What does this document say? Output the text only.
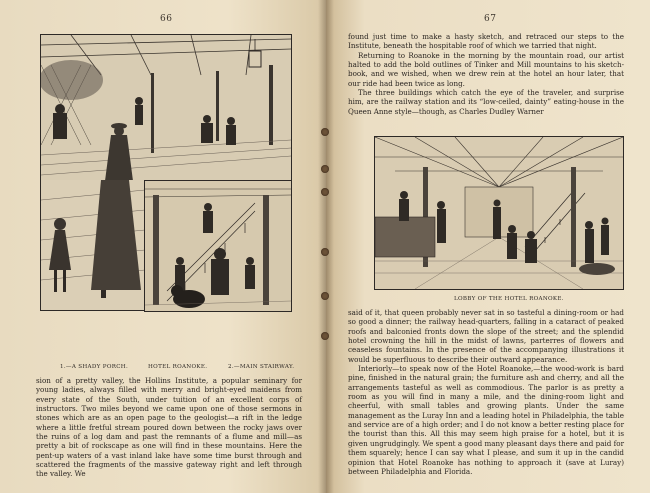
66
1.—A SHADY PORCH.	HOTEL ROANOKE.	2.—MAIN STAIRWAY.

sion of a pretty valley, the Hollins Institute, a popular seminary for young ladies, always filled with merry and bright-eyed maidens from every state of the South, under tuition of an excellent corps of instructors. Two miles beyond we came upon one of those sermons in stones which are as an open page to the geologist—a rift in the ledge where a little fretful stream poured down between the rocky jaws over the ruins of a log dam and past the remnants of a flume and mill—as pretty a bit of rockscape as one will find in these mountains. Here the pent-up waters of a vast inland lake have some time burst through and scattered the fragments of the massive gateway right and left through the valley. We

67

found just time to make a hasty sketch, and retraced our steps to the Institute, beneath the hospitable roof of which we tarried that night.

Returning to Roanoke in the morning by the mountain road, our artist halted to add the bold outlines of Tinker and Mill mountains to his sketch-book, and we wished, when we drew rein at the hotel an hour later, that our ride had been twice as long.

The three buildings which catch the eye of the traveler, and surprise him, are the railway station and its “low-ceiled, dainty” eating-house in the Queen Anne style—though, as Charles Dudley Warner

LOBBY OF THE HOTEL ROANOKE.

said of it, that queen probably never sat in so tasteful a dining-room or had so good a dinner; the railway head-quarters, falling in a cataract of peaked roofs and balconied fronts down the slope of the street; and the splendid hotel crowning the hill in the midst of lawns, parterres of flowers and ceaseless fountains. In the presence of the accompanying illustrations it would be superfluous to describe their outward appearance.

Interiorly—to speak now of the Hotel Roanoke,—the wood-work is bard pine, finished in the natural grain; the furniture ash and cherry, and all the arrangements tasteful as well as commodious. The parlor is as pretty a room as you will find in many a mile, and the dining-room light and cheerful, with small tables and growing plants. Under the same management as the Luray Inn and a leading hotel in Philadelphia, the table and service are of a high order; and I do not know a better resting place for the tourist than this. All this may seem high praise for a hotel, but it is given ungrudgingly. We spent a good many pleasant days there and paid for them squarely; hence I can say what I please, and sum it up in the candid opinion that Hotel Roanoke has nothing to approach it (save at Luray) between Philadelphia and Florida.
